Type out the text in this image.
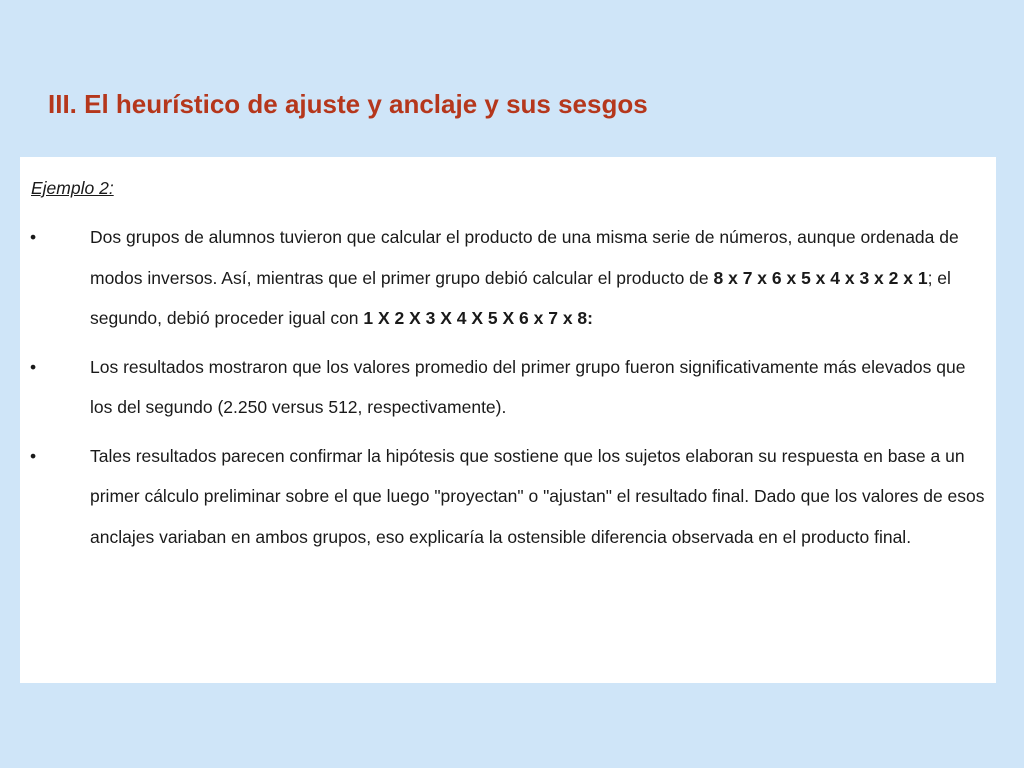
III. El heurístico de ajuste y anclaje y sus sesgos

Ejemplo 2:

•	Dos grupos de alumnos tuvieron que calcular el producto de una misma serie de números, aunque ordenada de modos inversos. Así, mientras que el primer grupo debió calcular el producto de 8 x 7 x 6 x 5 x 4 x 3 x 2 x 1; el segundo, debió proceder igual con 1 X 2 X 3 X 4 X 5 X 6 x 7 x 8:
•	Los resultados mostraron que los valores promedio del primer grupo fueron significativamente más elevados que los del segundo (2.250 versus 512, respectivamente).
•	Tales resultados parecen confirmar la hipótesis que sostiene que los sujetos elaboran su respuesta en base a un primer cálculo preliminar sobre el que luego "proyectan" o "ajustan" el resultado final. Dado que los valores de esos anclajes variaban en ambos grupos, eso explicaría la ostensible diferencia observada en el producto final.
